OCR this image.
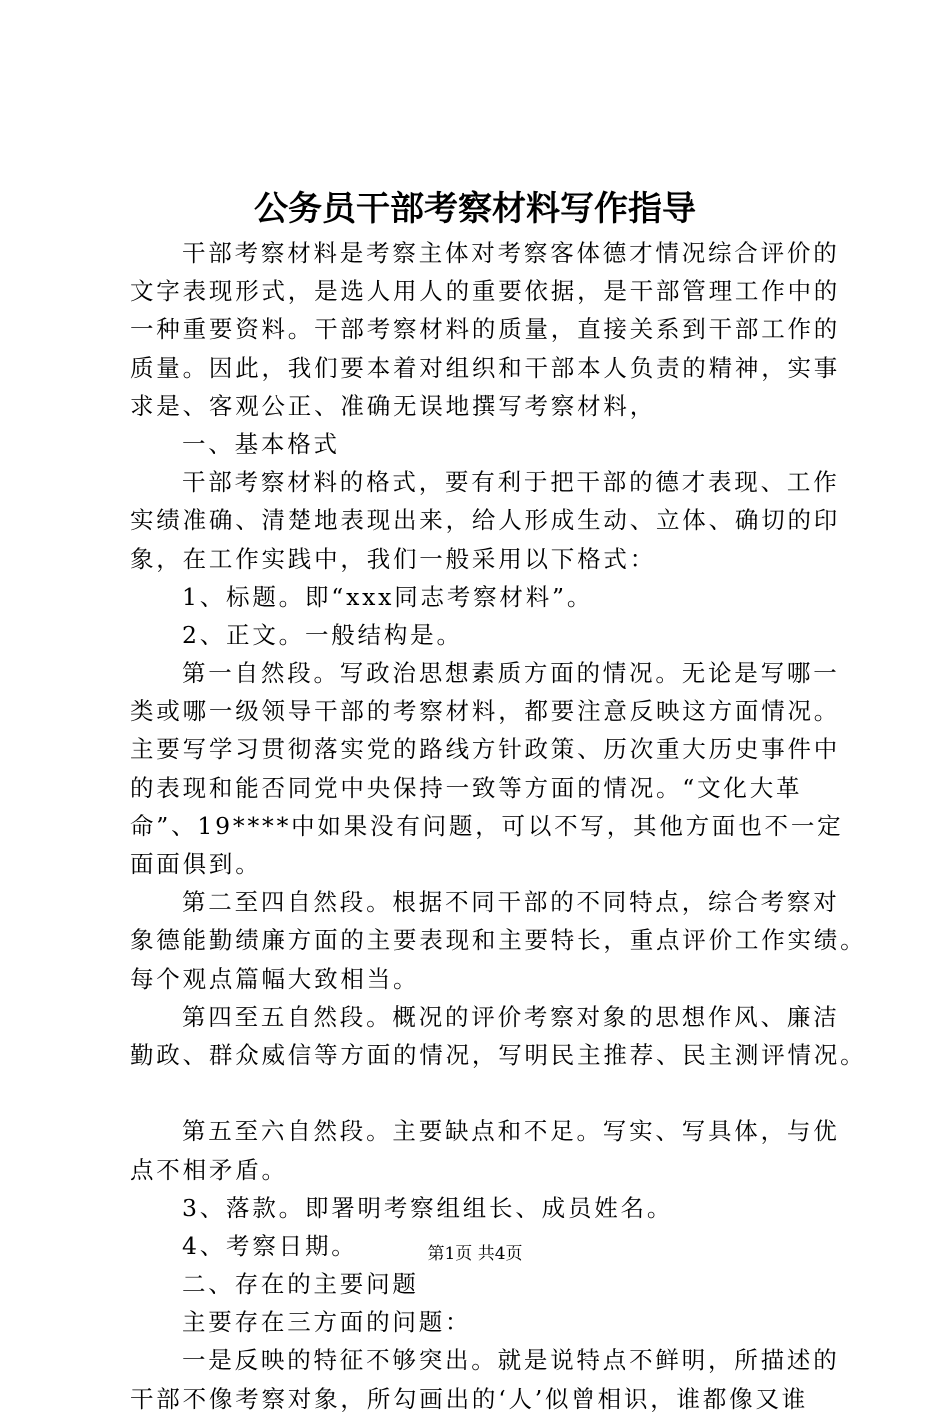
公务员干部考察材料写作指导
干部考察材料是考察主体对考察客体德才情况综合评价的
文字表现形式，是选人用人的重要依据，是干部管理工作中的
一种重要资料。干部考察材料的质量，直接关系到干部工作的
质量。因此，我们要本着对组织和干部本人负责的精神，实事
求是、客观公正、准确无误地撰写考察材料，
一、基本格式
干部考察材料的格式，要有利于把干部的德才表现、工作
实绩准确、清楚地表现出来，给人形成生动、立体、确切的印
象，在工作实践中，我们一般采用以下格式：
1、标题。即“xxx同志考察材料”。
2、正文。一般结构是。
第一自然段。写政治思想素质方面的情况。无论是写哪一
类或哪一级领导干部的考察材料，都要注意反映这方面情况。
主要写学习贯彻落实党的路线方针政策、历次重大历史事件中
的表现和能否同党中央保持一致等方面的情况。“文化大革
命”、19****中如果没有问题，可以不写，其他方面也不一定
面面俱到。
第二至四自然段。根据不同干部的不同特点，综合考察对
象德能勤绩廉方面的主要表现和主要特长，重点评价工作实绩。
每个观点篇幅大致相当。
第四至五自然段。概况的评价考察对象的思想作风、廉洁
勤政、群众威信等方面的情况，写明民主推荐、民主测评情况。
第五至六自然段。主要缺点和不足。写实、写具体，与优
点不相矛盾。
3、落款。即署明考察组组长、成员姓名。
4、考察日期。
二、存在的主要问题
主要存在三方面的问题：
一是反映的特征不够突出。就是说特点不鲜明，所描述的
干部不像考察对象，所勾画出的‘人’似曾相识，谁都像又谁
第1页 共4页
